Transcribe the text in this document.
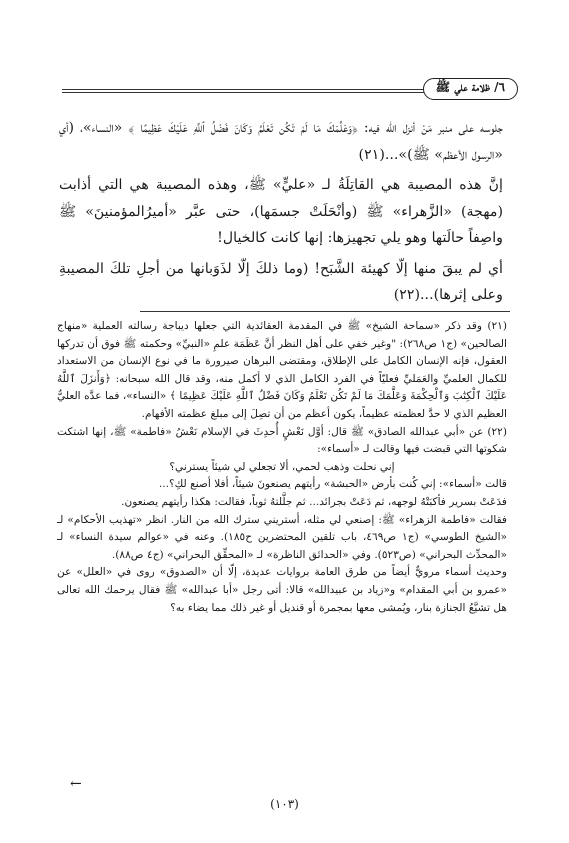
٦/ ظلامة علي ﷺ

جلوسه على منبر مَنْ أنزل الله فيه: ﴿وَعَلَّمَكَ مَا لَمْ تَكُن تَعْلَمُ وَكَانَ فَضْلُ ٱللَّهِ عَلَيْكَ عَظِيمًا ﴾ «النساء»، (أي «الرسول الأعظم» ﷺ)»...(٢١)

إنَّ هذه المصيبة هي القاتِلَةُ لـ «عليٍّ» ﷺ، وهذه المصيبة هي التي أذابت (مهجة) «الزَّهراء» ﷺ (وأنْحَلَتْ جسمَها)، حتى عبَّر «أميرُالمؤمنينَ» ﷺ واصِفاً حالَتها وهو يلي تجهيزها: إنها كانت كالخيال!

أي لم يبقَ منها إلّا كهيئة الشَّبَح! (وما ذلكَ إلّا لذَوَبانها من أجلِ تلكَ المصيبةِ وعلى إثرها)...(٢٢)

(٢١) وقد ذكر «سماحة الشيخ» ﷺ في المقدمة العقائدية التي جعلها ديباجة رسالته العملية «منهاج الصالحين» (ج١ ص٢٦٨): "وغير خفي على أهل النظر أنَّ عَظَمَة علمِ «النبيِّ» وحكمته ﷺ فوق أن تدركها العقول، فإنه الإنسان الكامل على الإطلاق، ومقتضى البرهان صيرورة ما في نوع الإنسان من الاستعداد للكمال العلميِّ والعَمَليِّ فعليّاً في الفرد الكامل الذي لا أكمل منه، وقد قال الله سبحانه: ﴿وَأَنزَلَ ٱللَّهُ عَلَيْكَ ٱلْكِتَٰبَ وَٱلْحِكْمَةَ وَعَلَّمَكَ مَا لَمْ تَكُن تَعْلَمُ وَكَانَ فَضْلُ ٱللَّهِ عَلَيْكَ عَظِيمًا ﴾ «النساء»، فما عدَّه العليُّ العظيم الذي لا حدَّ لعظمته عظيماً، يكون أعظم من أن تصِلَ إلى مبلغ عظمته الأفهام.

(٢٢) عن «أبي عبدالله الصادق» ﷺ قال: أوَّل نَعْشٍ أُحدِثَ في الإسلام نَعْشُ «فاطمة» ﷺ، إنها اشتكت شكوتها التي قبضت فيها وقالت لـ «أسماء»:

إني نحلت وذهب لحمي، ألا تجعلي لي شيئاً يسترني؟

قالت «أسماء»: إني كُنت بأرض «الحبشة» رأيتهم يصنعونَ شيئاً، أفلا أصنع لكِ؟...

فدَعَتْ بسرير فأكبَتْهُ لوجهه، ثم دَعَتْ بجرائد... ثم جلَّلتهُ ثوباً، فقالت: هكذا رأيتهم يصنعون.

فقالت «فاطمة الزهراء» ﷺ: إصنعي لي مثله، أستريني سترك الله من النار. انظر «تهذيب الأحكام» لـ «الشيخ الطوسي» (ج١ ص٤٦٩، باب تلقين المحتضرين ح١٨٥). وعنه في «عوالم سيدة النساء» لـ «المحدِّث البحراني» (ص٥٢٣). وفي «الحدائق الناظرة» لـ «المحقِّق البحراني» (ج٤ ص٨٨).

وحديث أسماء مرويٌّ أيضاً من طرق العامة بروايات عديدة، إلّا أن «الصدوق» روى في «العلل» عن «عمرو بن أبي المقدام» و«زياد بن عبيدالله» قالا: أتى رجل «أبا عبدالله» ﷺ فقال يرحمك الله تعالى هل تشيَّعُ الجنازة بنار، ويُمشى معها بمجمرة أو قنديل أو غير ذلك مما يضاء به؟

←
(١٠٣)
